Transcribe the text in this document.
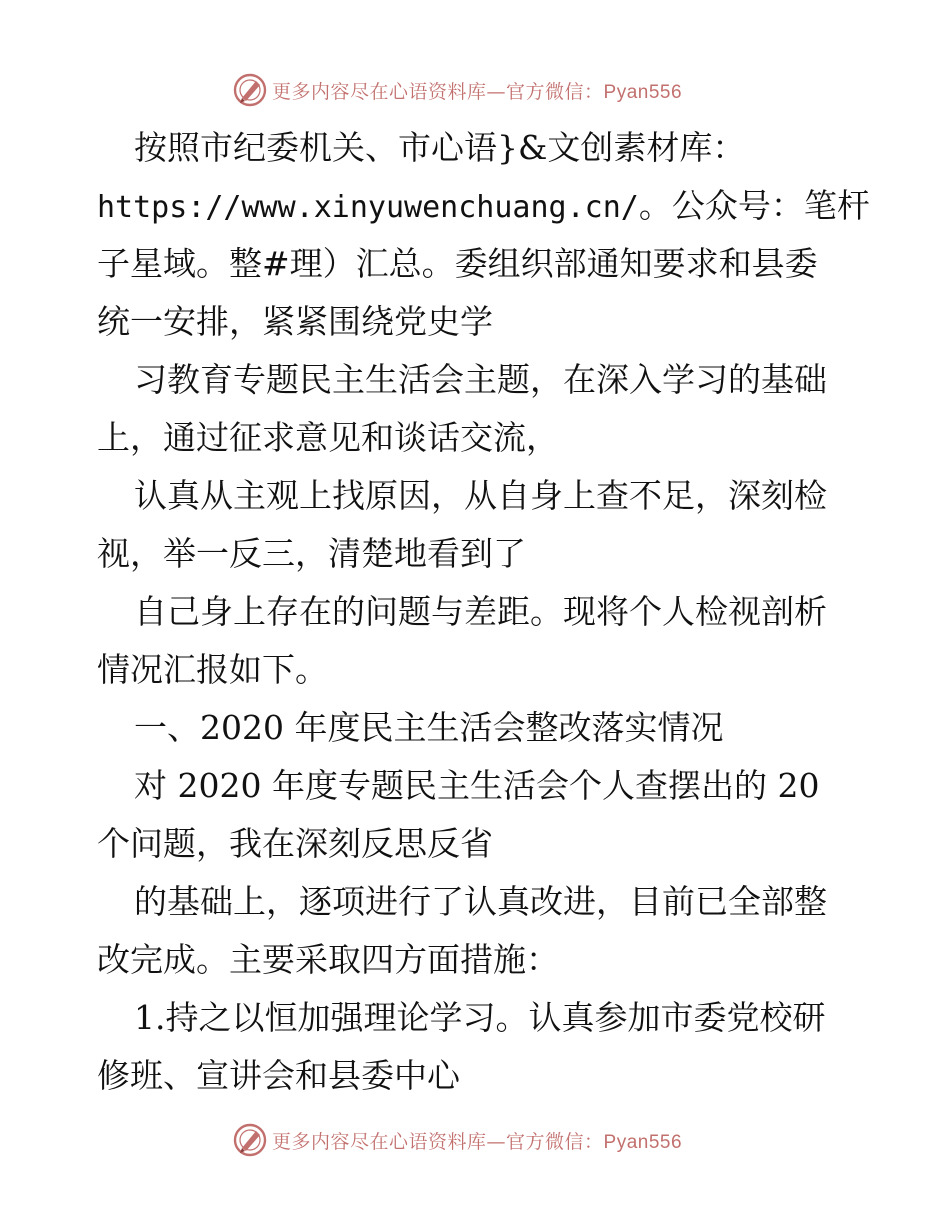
更多内容尽在心语资料库—官方微信：Pyan556
按照市纪委机关、市心语}&文创素材库：
https://www.xinyuwenchuang.cn/。公众号：笔杆
子星域。整#理）汇总。委组织部通知要求和县委
统一安排，紧紧围绕党史学
习教育专题民主生活会主题，在深入学习的基础
上，通过征求意见和谈话交流，
认真从主观上找原因，从自身上查不足，深刻检
视，举一反三，清楚地看到了
自己身上存在的问题与差距。现将个人检视剖析
情况汇报如下。
一、2020 年度民主生活会整改落实情况
对 2020 年度专题民主生活会个人查摆出的 20
个问题，我在深刻反思反省
的基础上，逐项进行了认真改进，目前已全部整
改完成。主要采取四方面措施：
1.持之以恒加强理论学习。认真参加市委党校研
修班、宣讲会和县委中心
更多内容尽在心语资料库—官方微信：Pyan556
